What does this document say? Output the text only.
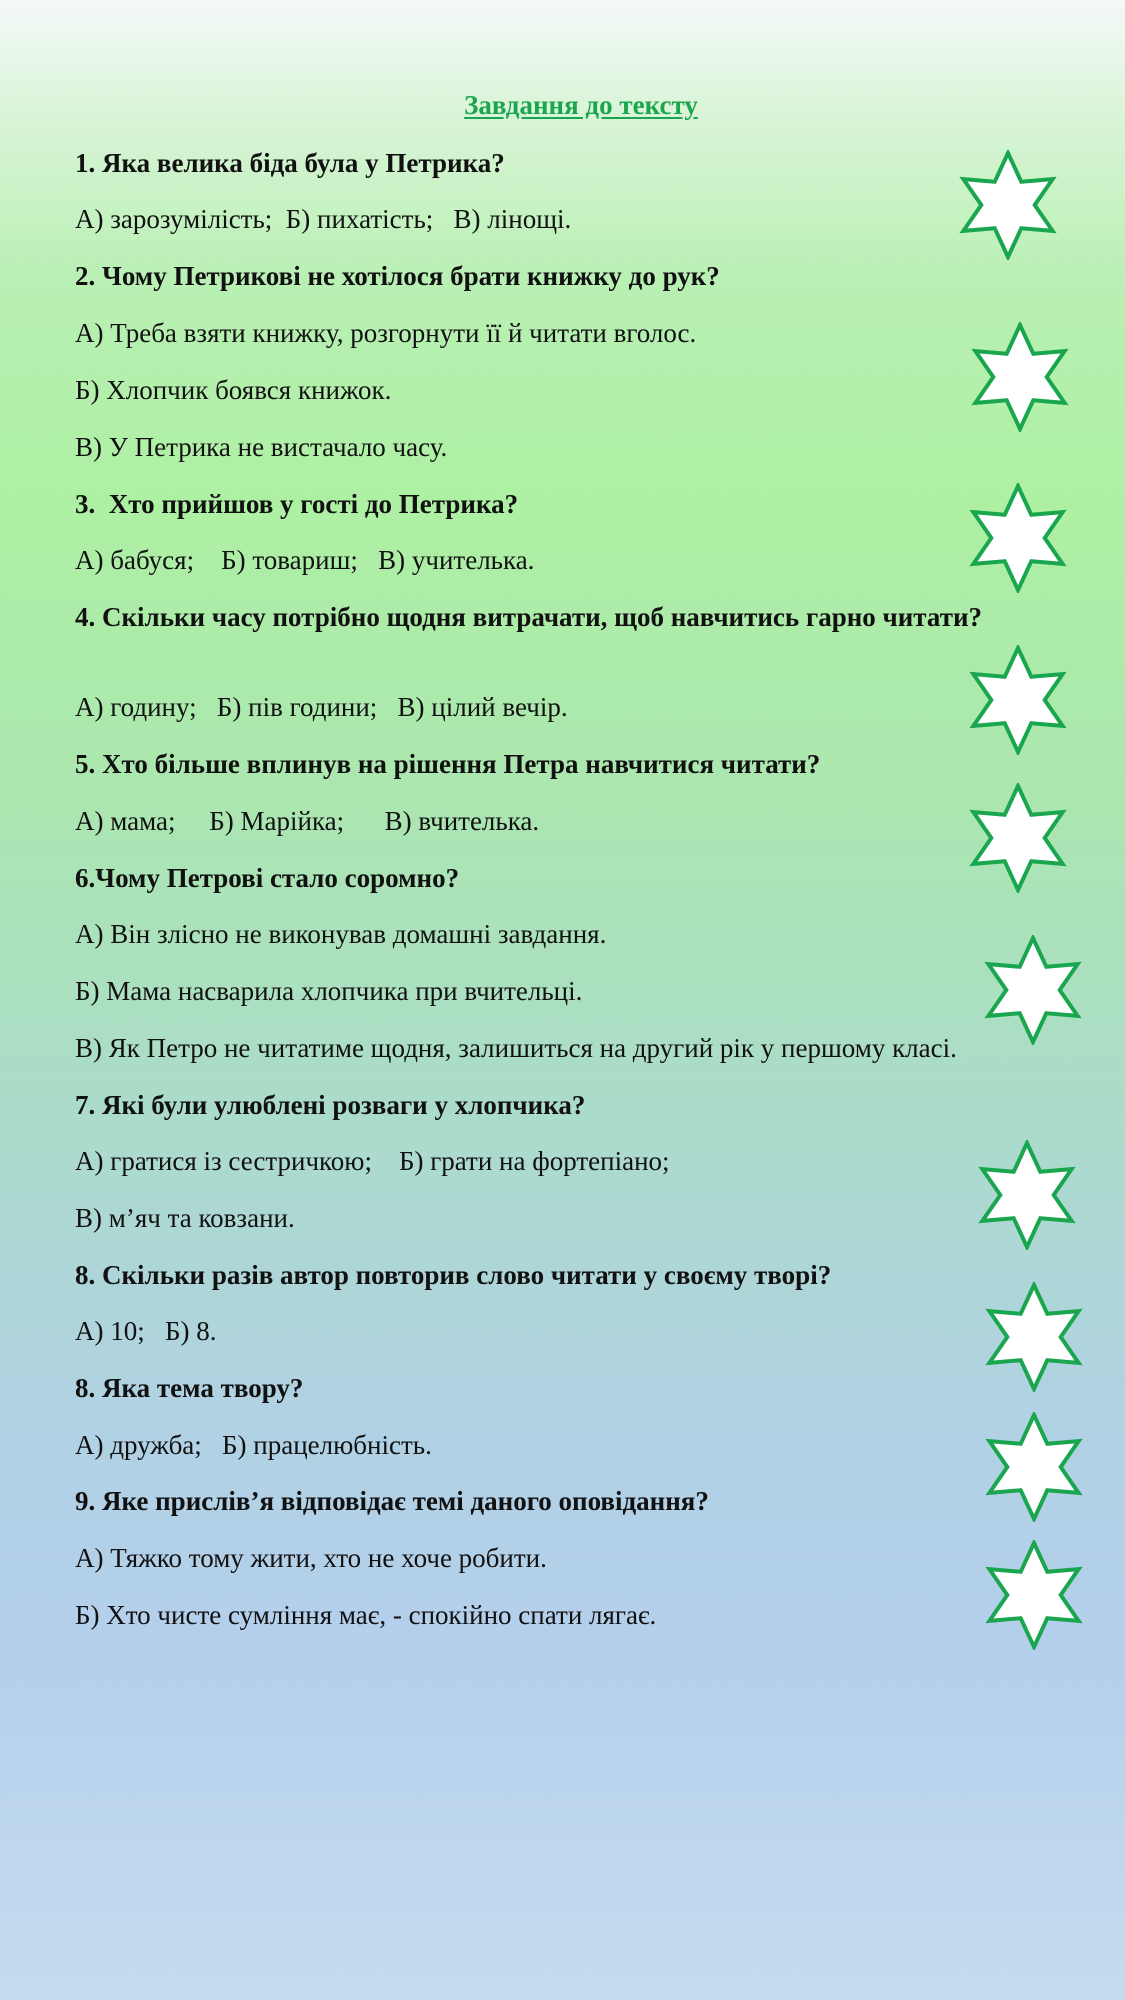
Завдання до тексту
1. Яка велика біда була у Петрика?
А) зарозумілість;  Б) пихатість;   В) лінощі.
2. Чому Петрикові не хотілося брати книжку до рук?
А) Треба взяти книжку, розгорнути її й читати вголос.
Б) Хлопчик боявся книжок.
В) У Петрика не вистачало часу.
3.  Хто прийшов у гості до Петрика?
А) бабуся;    Б) товариш;   В) учителька.
4. Скільки часу потрібно щодня витрачати, щоб навчитись гарно читати?
А) годину;   Б) пів години;   В) цілий вечір.
5. Хто більше вплинув на рішення Петра навчитися читати?
А) мама;     Б) Марійка;      В) вчителька.
6.Чому Петрові стало соромно?
А) Він злісно не виконував домашні завдання.
Б) Мама насварила хлопчика при вчительці.
В) Як Петро не читатиме щодня, залишиться на другий рік у першому класі.
7. Які були улюблені розваги у хлопчика?
А) гратися із сестричкою;    Б) грати на фортепіано;
В) м’яч та ковзани.
8. Скільки разів автор повторив слово читати у своєму творі?
А) 10;   Б) 8.
8. Яка тема твору?
А) дружба;   Б) працелюбність.
9. Яке прислів’я відповідає темі даного оповідання?
А) Тяжко тому жити, хто не хоче робити.
Б) Хто чисте сумління має, - спокійно спати лягає.
